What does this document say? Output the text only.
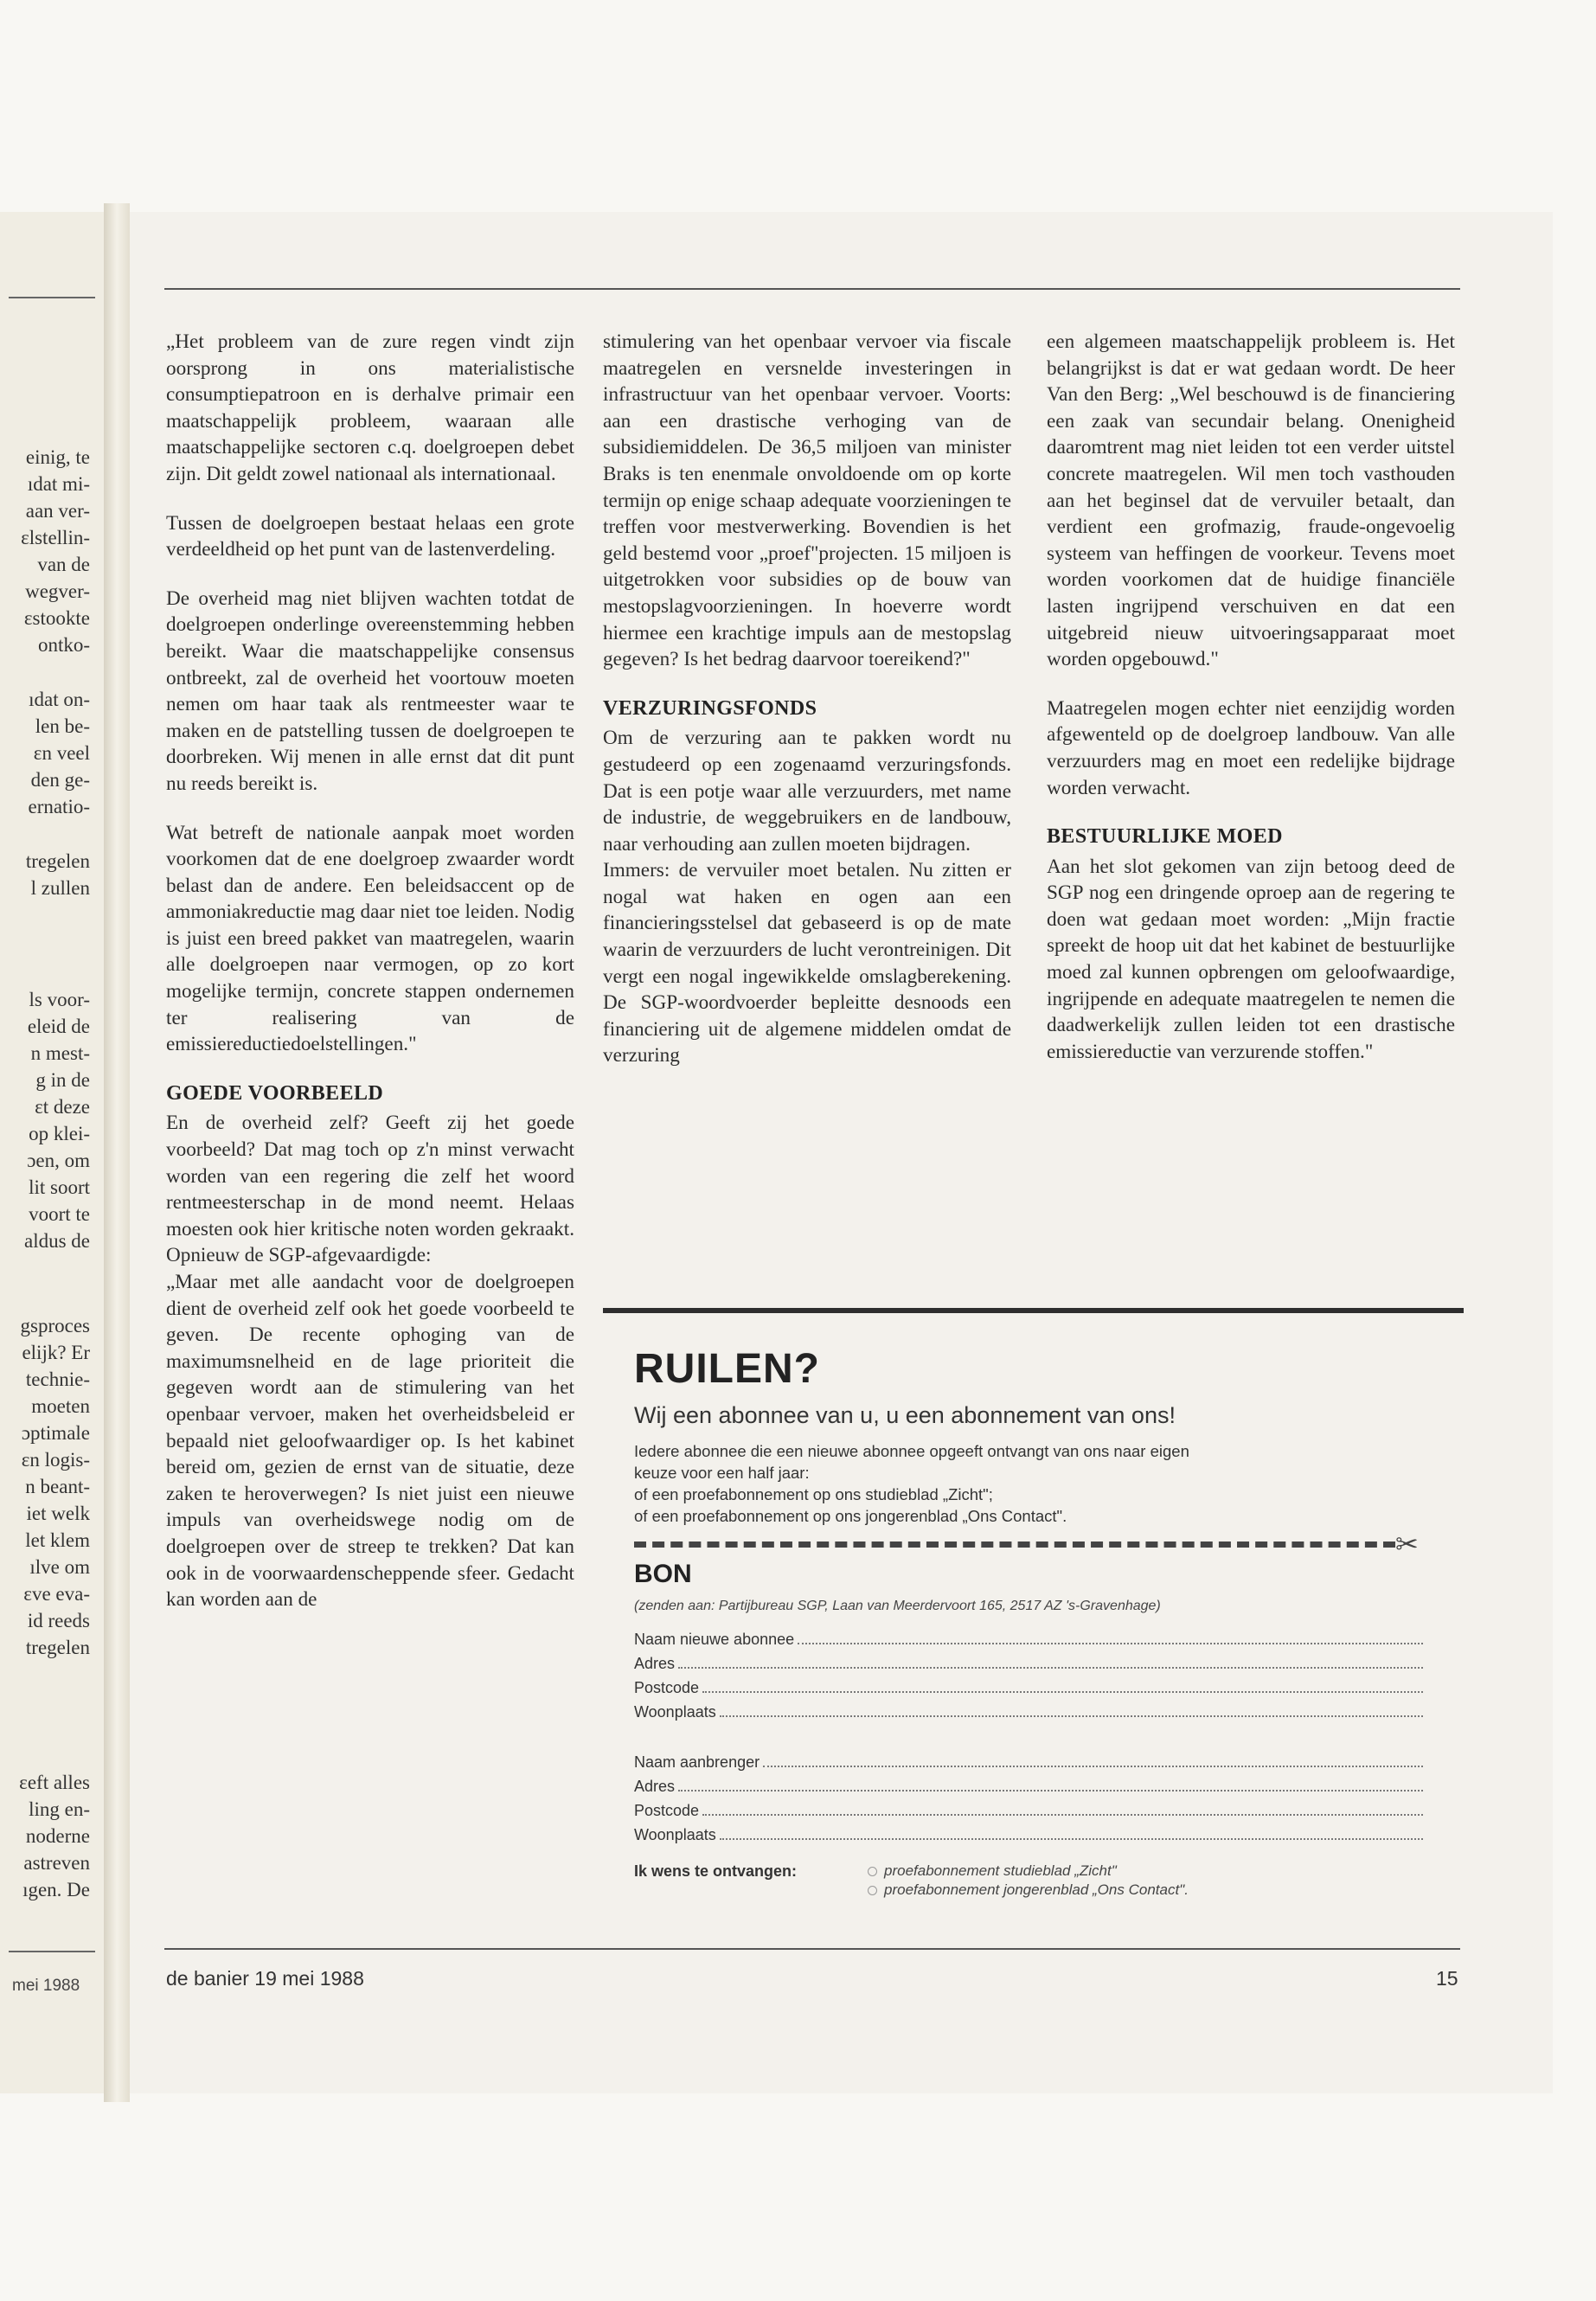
einig, te
ıdat mi-
aan ver-
ɛlstellin-
van de
wegver-
ɛstookte
ontko-
ıdat on-
len be-
ɛn veel
den ge-
ernatio-
tregelen
l zullen
ls voor-
eleid de
n mest-
g in de
ɛt deze
op klei-
ɔen, om
lit soort
voort te
aldus de
gsproces
elijk? Er
technie-
moeten
ɔptimale
ɛn logis-
n beant-
iet welk
let klem
ılve om
ɛve eva-
id reeds
tregelen
ɛeft alles
ling en-
noderne
astreven
ıgen. De
mei 1988

„Het probleem van de zure regen vindt zijn oorsprong in ons materialistische consumptiepatroon en is derhalve primair een maatschappelijk probleem, waaraan alle maatschappelijke sectoren c.q. doelgroepen debet zijn. Dit geldt zowel nationaal als internationaal.

Tussen de doelgroepen bestaat helaas een grote verdeeldheid op het punt van de lastenverdeling.

De overheid mag niet blijven wachten totdat de doelgroepen onderlinge overeenstemming hebben bereikt. Waar die maatschappelijke consensus ontbreekt, zal de overheid het voortouw moeten nemen om haar taak als rentmeester waar te maken en de patstelling tussen de doelgroepen te doorbreken. Wij menen in alle ernst dat dit punt nu reeds bereikt is.

Wat betreft de nationale aanpak moet worden voorkomen dat de ene doelgroep zwaarder wordt belast dan de andere. Een beleidsaccent op de ammoniakreductie mag daar niet toe leiden. Nodig is juist een breed pakket van maatregelen, waarin alle doelgroepen naar vermogen, op zo kort mogelijke termijn, concrete stappen ondernemen ter realisering van de emissiereductiedoelstellingen."

GOEDE VOORBEELD

En de overheid zelf? Geeft zij het goede voorbeeld? Dat mag toch op z'n minst verwacht worden van een regering die zelf het woord rentmeesterschap in de mond neemt. Helaas moesten ook hier kritische noten worden gekraakt. Opnieuw de SGP-afgevaardigde:

„Maar met alle aandacht voor de doelgroepen dient de overheid zelf ook het goede voorbeeld te geven. De recente ophoging van de maximumsnelheid en de lage prioriteit die gegeven wordt aan de stimulering van het openbaar vervoer, maken het overheidsbeleid er bepaald niet geloofwaardiger op. Is het kabinet bereid om, gezien de ernst van de situatie, deze zaken te heroverwegen? Is niet juist een nieuwe impuls van overheidswege nodig om de doelgroepen over de streep te trekken? Dat kan ook in de voorwaardenscheppende sfeer. Gedacht kan worden aan de

stimulering van het openbaar vervoer via fiscale maatregelen en versnelde investeringen in infrastructuur van het openbaar vervoer. Voorts: aan een drastische verhoging van de subsidiemiddelen. De 36,5 miljoen van minister Braks is ten enenmale onvoldoende om op korte termijn op enige schaap adequate voorzieningen te treffen voor mestverwerking. Bovendien is het geld bestemd voor „proef"projecten. 15 miljoen is uitgetrokken voor subsidies op de bouw van mestopslagvoorzieningen. In hoeverre wordt hiermee een krachtige impuls aan de mestopslag gegeven? Is het bedrag daarvoor toereikend?"

VERZURINGSFONDS

Om de verzuring aan te pakken wordt nu gestudeerd op een zogenaamd verzuringsfonds. Dat is een potje waar alle verzuurders, met name de industrie, de weggebruikers en de landbouw, naar verhouding aan zullen moeten bijdragen.

Immers: de vervuiler moet betalen. Nu zitten er nogal wat haken en ogen aan een financieringsstelsel dat gebaseerd is op de mate waarin de verzuurders de lucht verontreinigen. Dit vergt een nogal ingewikkelde omslagberekening. De SGP-woordvoerder bepleitte desnoods een financiering uit de algemene middelen omdat de verzuring

een algemeen maatschappelijk probleem is. Het belangrijkst is dat er wat gedaan wordt. De heer Van den Berg: „Wel beschouwd is de financiering een zaak van secundair belang. Onenigheid daaromtrent mag niet leiden tot een verder uitstel concrete maatregelen. Wil men toch vasthouden aan het beginsel dat de vervuiler betaalt, dan verdient een grofmazig, fraude-ongevoelig systeem van heffingen de voorkeur. Tevens moet worden voorkomen dat de huidige financiële lasten ingrijpend verschuiven en dat een uitgebreid nieuw uitvoeringsapparaat moet worden opgebouwd."

Maatregelen mogen echter niet eenzijdig worden afgewenteld op de doelgroep landbouw. Van alle verzuurders mag en moet een redelijke bijdrage worden verwacht.

BESTUURLIJKE MOED

Aan het slot gekomen van zijn betoog deed de SGP nog een dringende oproep aan de regering te doen wat gedaan moet worden: „Mijn fractie spreekt de hoop uit dat het kabinet de bestuurlijke moed zal kunnen opbrengen om geloofwaardige, ingrijpende en adequate maatregelen te nemen die daadwerkelijk zullen leiden tot een drastische emissiereductie van verzurende stoffen."

RUILEN?
Wij een abonnee van u, u een abonnement van ons!
Iedere abonnee die een nieuwe abonnee opgeeft ontvangt van ons naar eigen
keuze voor een half jaar:
of een proefabonnement op ons studieblad „Zicht";
of een proefabonnement op ons jongerenblad „Ons Contact".
✂
BON
(zenden aan: Partijbureau SGP, Laan van Meerdervoort 165, 2517 AZ 's-Gravenhage)
Naam nieuwe abonnee
Adres
Postcode
Woonplaats
Naam aanbrenger
Adres
Postcode
Woonplaats
Ik wens te ontvangen:	proefabonnement studieblad „Zicht"
proefabonnement jongerenblad „Ons Contact".
de banier 19 mei 1988	15
